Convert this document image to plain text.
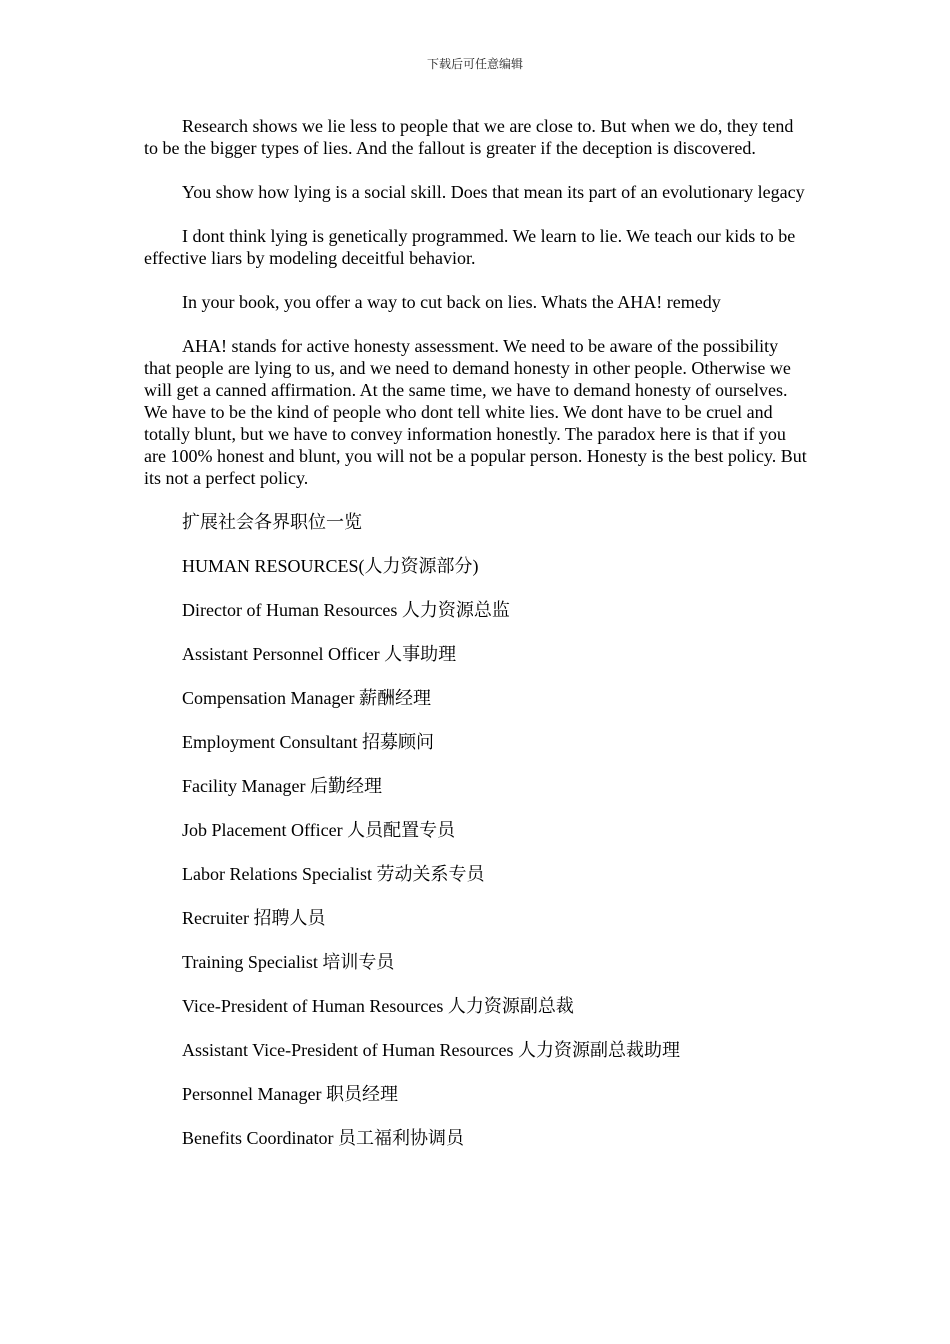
下载后可任意编辑

Research shows we lie less to people that we are close to. But when we do, they tend to be the bigger types of lies. And the fallout is greater if the deception is discovered.

You show how lying is a social skill. Does that mean its part of an evolutionary legacy

I dont think lying is genetically programmed. We learn to lie. We teach our kids to be effective liars by modeling deceitful behavior.

In your book, you offer a way to cut back on lies. Whats the AHA! remedy

AHA! stands for active honesty assessment. We need to be aware of the possibility that people are lying to us, and we need to demand honesty in other people. Otherwise we will get a canned affirmation. At the same time, we have to demand honesty of ourselves. We have to be the kind of people who dont tell white lies. We dont have to be cruel and totally blunt, but we have to convey information honestly. The paradox here is that if you are 100% honest and blunt, you will not be a popular person. Honesty is the best policy. But its not a perfect policy.

扩展社会各界职位一览

HUMAN RESOURCES(人力资源部分)

Director of Human Resources 人力资源总监
Assistant Personnel Officer 人事助理
Compensation Manager 薪酬经理
Employment Consultant 招募顾问
Facility Manager 后勤经理
Job Placement Officer 人员配置专员
Labor Relations Specialist 劳动关系专员
Recruiter 招聘人员
Training Specialist 培训专员
Vice-President of Human Resources 人力资源副总裁
Assistant Vice-President of Human Resources 人力资源副总裁助理
Personnel Manager 职员经理
Benefits Coordinator 员工福利协调员
